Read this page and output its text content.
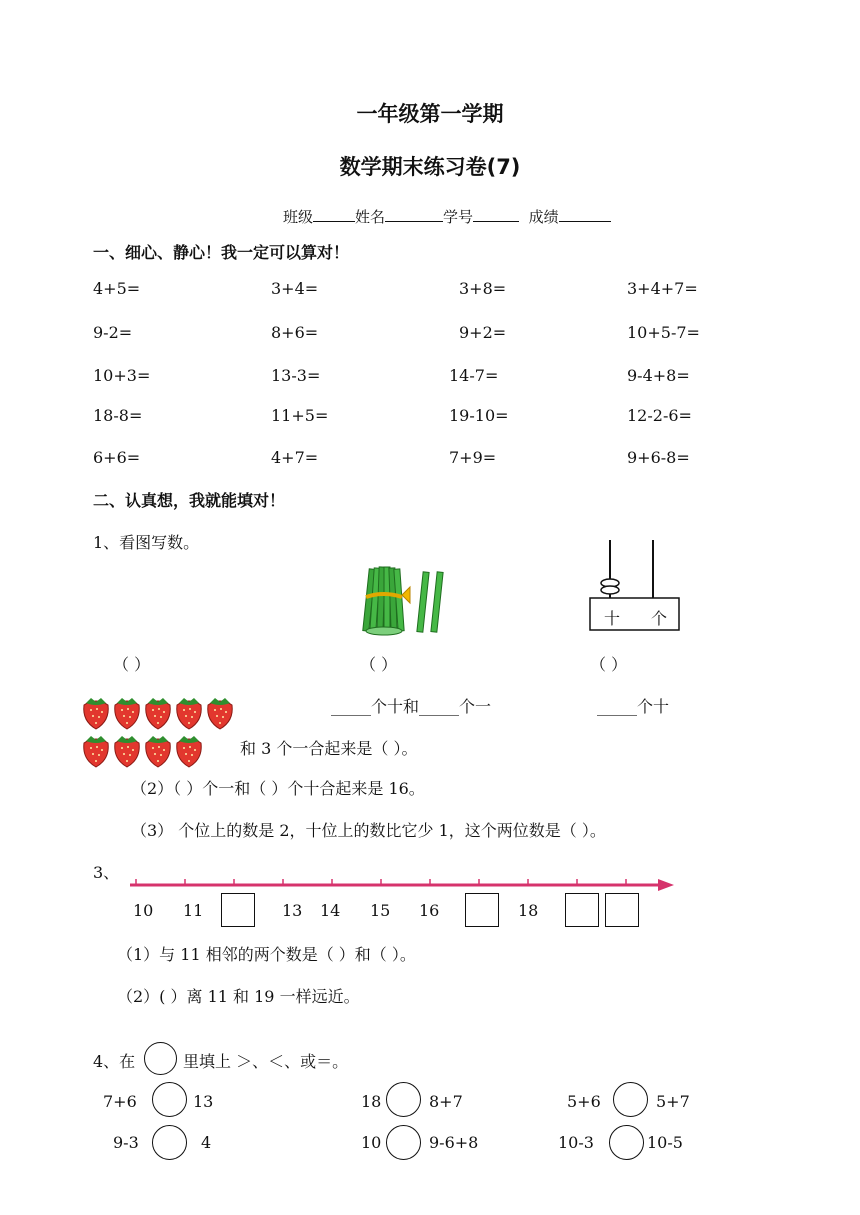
一年级第一学期
数学期末练习卷(7)
班级	姓名	学号	成绩
一、细心、静心！我一定可以算对！
4+5=	3+4=	3+8=	3+4+7=
9-2=	8+6=	9+2=	10+5-7=
10+3=	13-3=	14-7=	9-4+8=
18-8=	11+5=	19-10=	12-2-6=
6+6=	4+7=	7+9=	9+6-8=
二、认真想，我就能填对！
1、看图写数。
十 个
（ ）	（ ）	（ ）
_____个十和_____个一	_____个十
和 3 个一合起来是（ ）。
（2）（ ）个一和（ ）个十合起来是 16。
（3） 个位上的数是 2，十位上的数比它少 1，这个两位数是（ ）。
3、
10 11	13 14 15 16	18
（1）与 11 相邻的两个数是（ ）和（ ）。
（2）( ）离 11 和 19 一样远近。
4、在	里填上 ＞、＜、或＝。
7+6	13	18	8+7	5+6	5+7
9-3	4	10	9-6+8	10-3	10-5
